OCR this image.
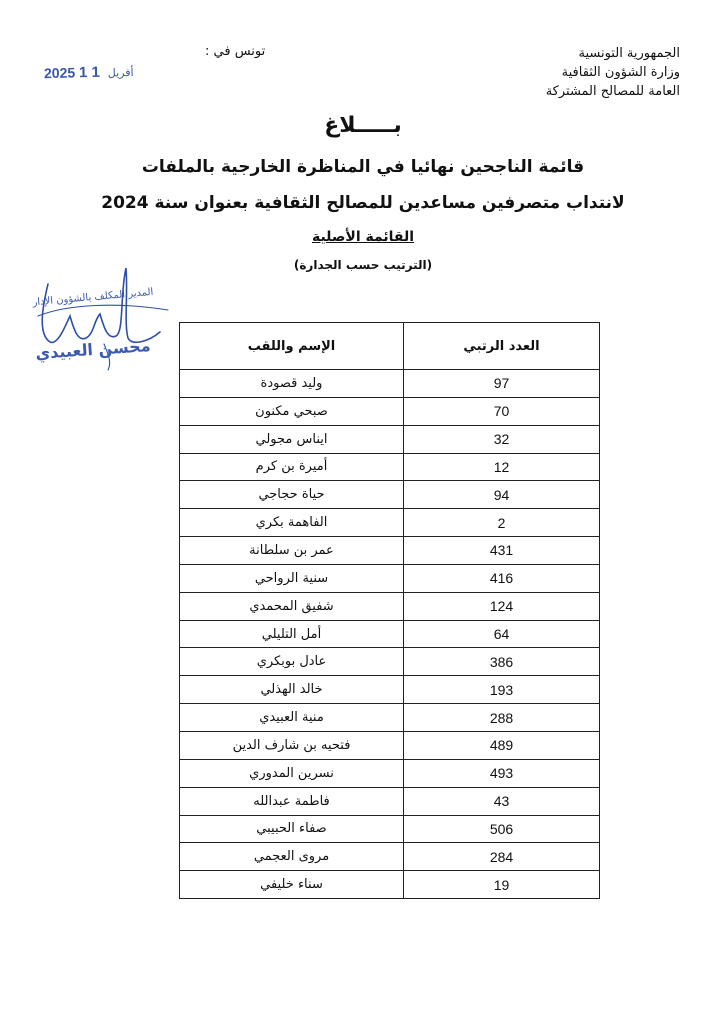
الجمهورية التونسية
وزارة الشؤون الثقافية
العامة للمصالح المشتركة
تونس في :
2025	أفريل 1 1
بـــــلاغ
قائمة الناجحين نهائيا في المناظرة الخارجية بالملفات
لانتداب متصرفين مساعدين للمصالح الثقافية بعنوان سنة 2024
القائمة الأصلية
(الترتيب حسب الجدارة)
المدير المكلف بالشؤون الإدار
محسن العبيدي	العدد الرتبي	الإسم واللقب
97	وليد قصودة
70	صبحي مكنون
32	ايناس مجولي
12	أميرة بن كرم
94	حياة حجاجي
2	الفاهمة بكري
431	عمر بن سلطانة
416	سنية الرواحي
124	شفيق المحمدي
64	أمل التليلي
386	عادل بوبكري
193	خالد الهذلي
288	منية العبيدي
489	فتحيه بن شارف الدين
493	نسرين المدوري
43	فاطمة عبدالله
506	صفاء الحبيبي
284	مروى العجمي
19	سناء خليفي
